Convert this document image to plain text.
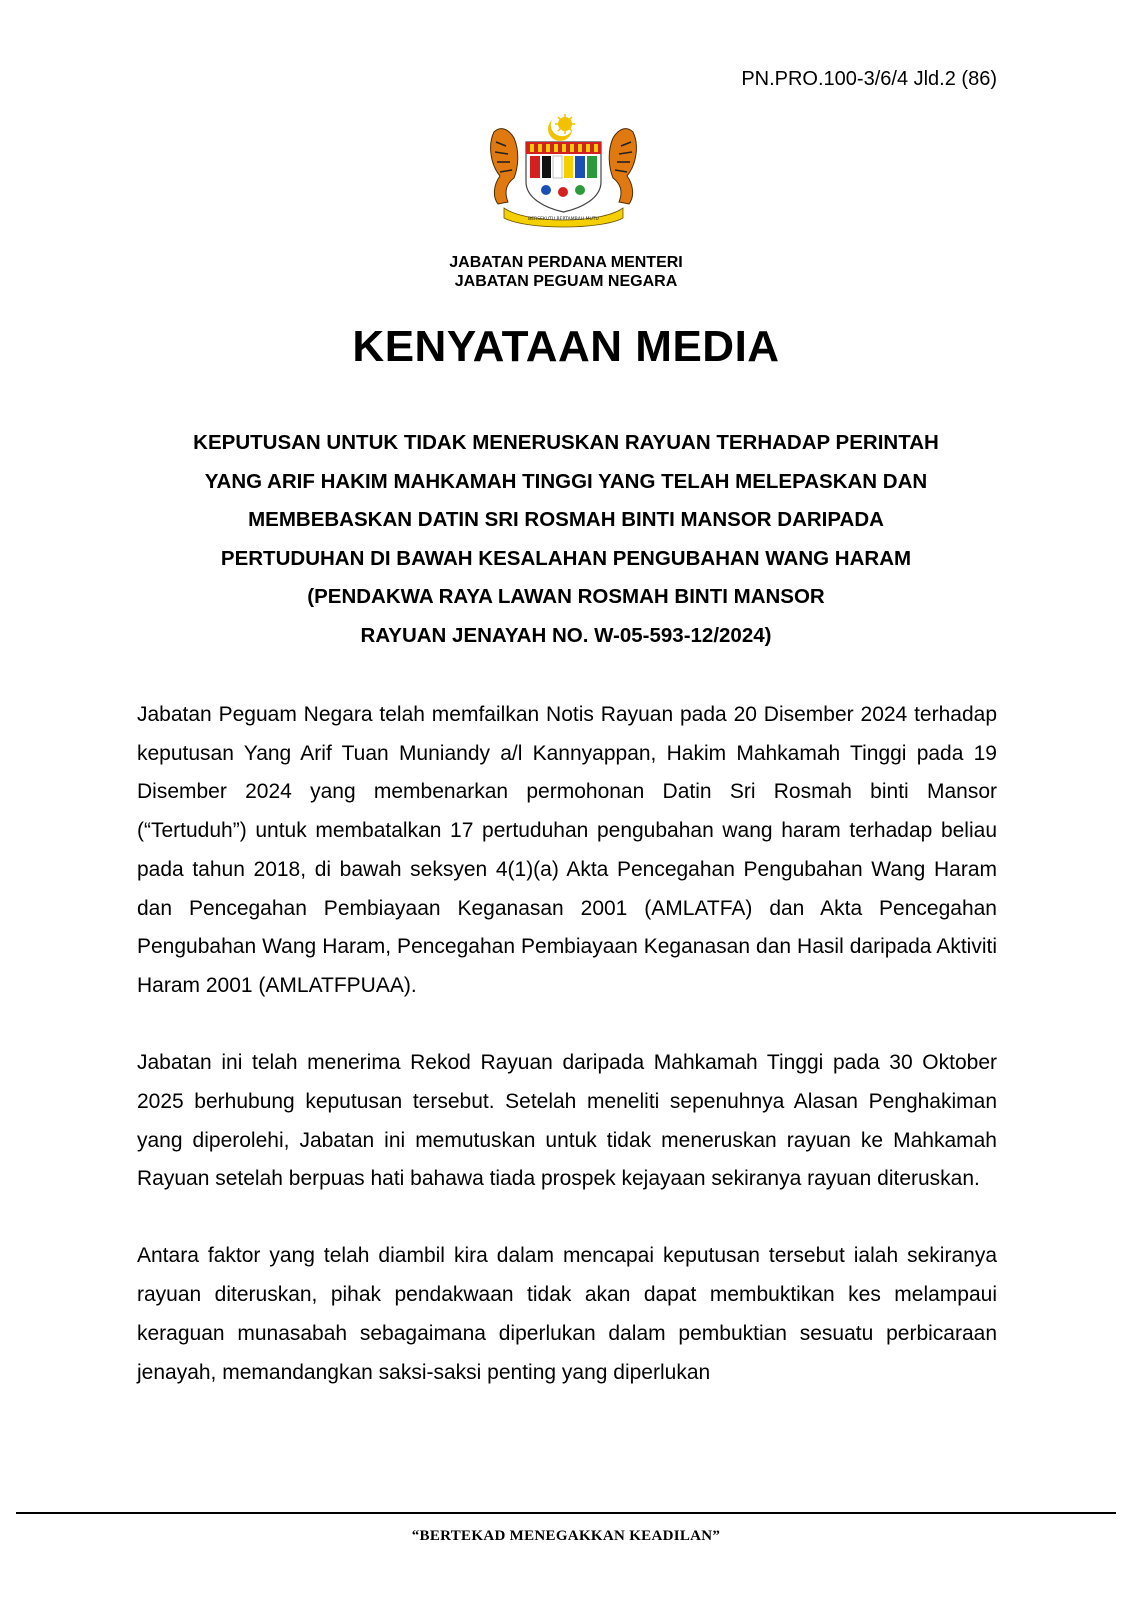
PN.PRO.100-3/6/4 Jld.2 (86)
BERSEKUTU BERTAMBAH MUTU
JABATAN PERDANA MENTERI
JABATAN PEGUAM NEGARA
KENYATAAN MEDIA
KEPUTUSAN UNTUK TIDAK MENERUSKAN RAYUAN TERHADAP PERINTAH
YANG ARIF HAKIM MAHKAMAH TINGGI YANG TELAH MELEPASKAN DAN
MEMBEBASKAN DATIN SRI ROSMAH BINTI MANSOR DARIPADA
PERTUDUHAN DI BAWAH KESALAHAN PENGUBAHAN WANG HARAM
(PENDAKWA RAYA LAWAN ROSMAH BINTI MANSOR
RAYUAN JENAYAH NO. W-05-593-12/2024)

Jabatan Peguam Negara telah memfailkan Notis Rayuan pada 20 Disember 2024 terhadap keputusan Yang Arif Tuan Muniandy a/l Kannyappan, Hakim Mahkamah Tinggi pada 19 Disember 2024 yang membenarkan permohonan Datin Sri Rosmah binti Mansor (“Tertuduh”) untuk membatalkan 17 pertuduhan pengubahan wang haram terhadap beliau pada tahun 2018, di bawah seksyen 4(1)(a) Akta Pencegahan Pengubahan Wang Haram dan Pencegahan Pembiayaan Keganasan 2001 (AMLATFA) dan Akta Pencegahan Pengubahan Wang Haram, Pencegahan Pembiayaan Keganasan dan Hasil daripada Aktiviti Haram 2001 (AMLATFPUAA).

Jabatan ini telah menerima Rekod Rayuan daripada Mahkamah Tinggi pada 30 Oktober 2025 berhubung keputusan tersebut. Setelah meneliti sepenuhnya Alasan Penghakiman yang diperolehi, Jabatan ini memutuskan untuk tidak meneruskan rayuan ke Mahkamah Rayuan setelah berpuas hati bahawa tiada prospek kejayaan sekiranya rayuan diteruskan.

Antara faktor yang telah diambil kira dalam mencapai keputusan tersebut ialah sekiranya rayuan diteruskan, pihak pendakwaan tidak akan dapat membuktikan kes melampaui keraguan munasabah sebagaimana diperlukan dalam pembuktian sesuatu perbicaraan jenayah, memandangkan saksi-saksi penting yang diperlukan

“BERTEKAD MENEGAKKAN KEADILAN”
